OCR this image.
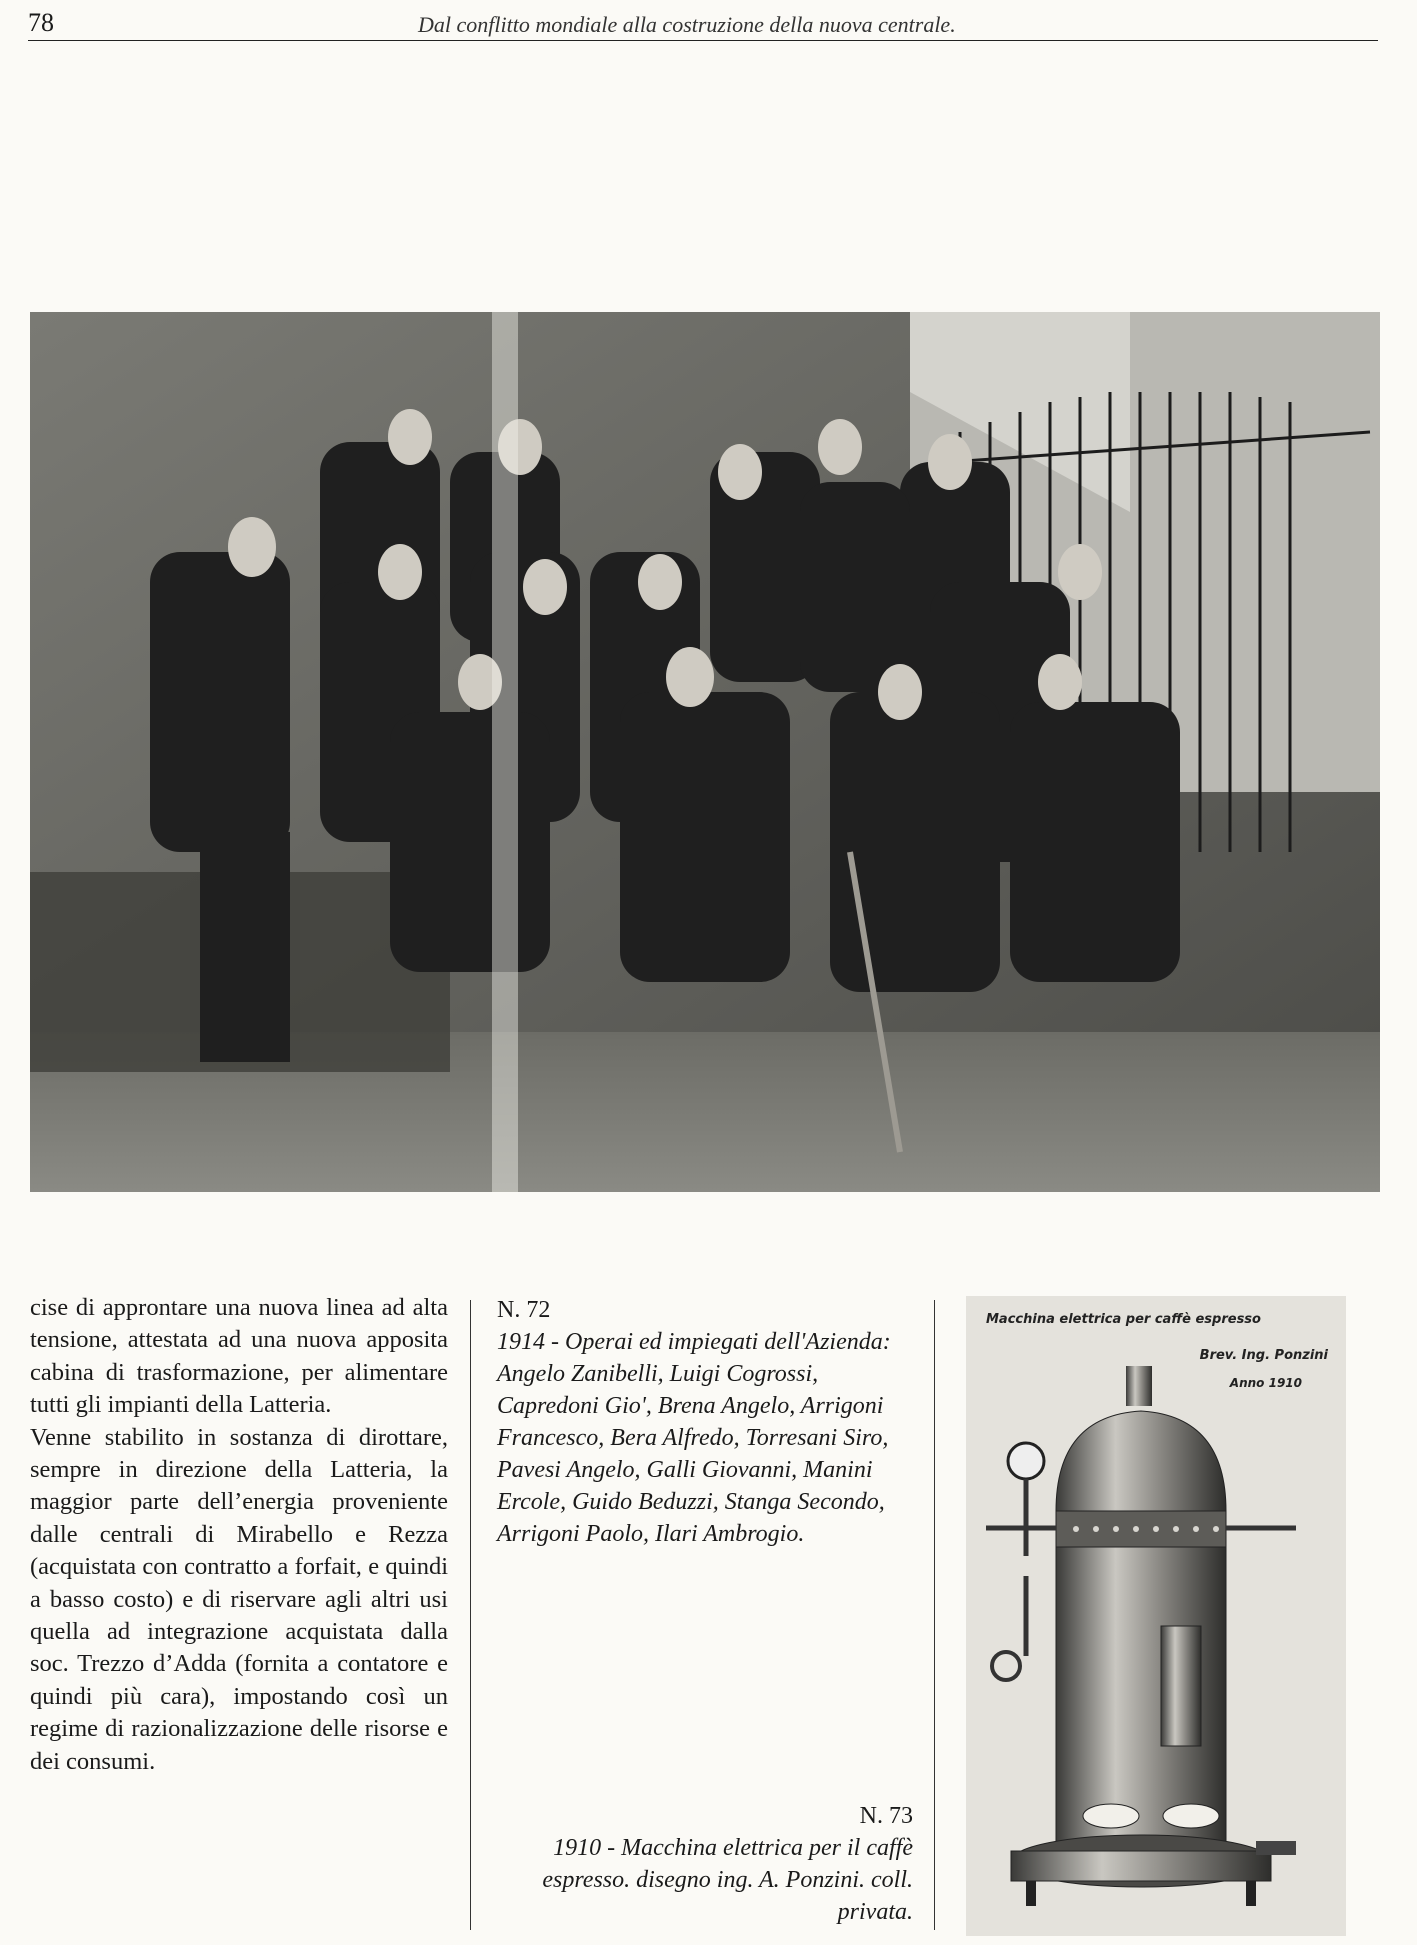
78	Dal conflitto mondiale alla costruzione della nuova centrale.

cise di approntare una nuova linea ad alta tensione, attestata ad una nuova apposita cabina di trasformazione, per alimentare tutti gli impianti della Latteria.

Venne stabilito in sostanza di dirottare, sempre in direzione della Latteria, la maggior parte dell’energia proveniente dalle centrali di Mirabello e Rezza (acquistata con contratto a forfait, e quindi a basso costo) e di riservare agli altri usi quella ad integrazione acquistata dalla soc. Trezzo d’Adda (fornita a contatore e quindi più cara), impostando così un regime di razionalizzazione delle risorse e dei consumi.

N. 72
1914 - Operai ed impiegati dell'Azienda: Angelo Zanibelli, Luigi Cogrossi, Capredoni Gio', Brena Angelo, Arrigoni Francesco, Bera Alfredo, Torresani Siro, Pavesi Angelo, Galli Giovanni, Manini Ercole, Guido Beduzzi, Stanga Secondo, Arrigoni Paolo, Ilari Ambrogio.
N. 73
1910 - Macchina elettrica per il caffè espresso. disegno ing. A. Ponzini. coll. privata.
Macchina elettrica per caffè espresso
Brev. Ing. Ponzini
Anno 1910
